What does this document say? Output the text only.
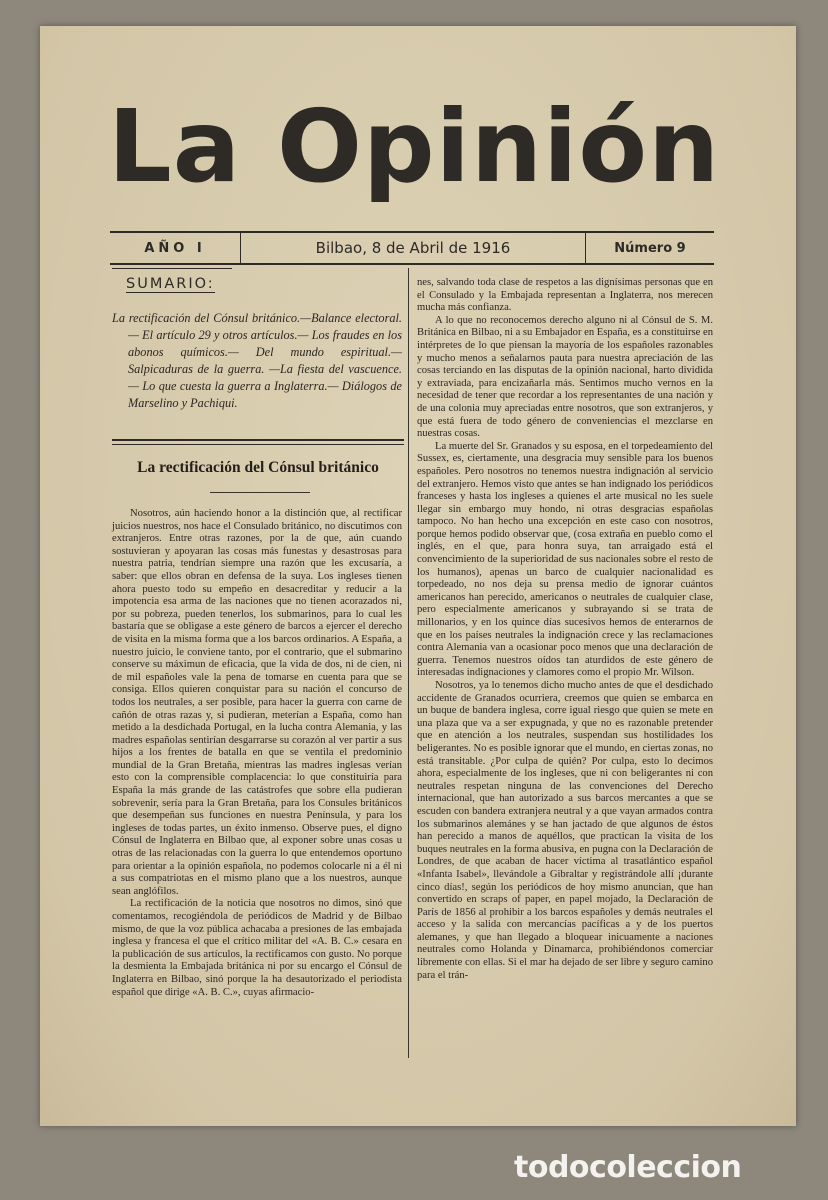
La Opinión
AÑO I	Bilbao, 8 de Abril de 1916	Número 9
SUMARIO:
La rectificación del Cónsul británico.—Balance electoral.— El artículo 29 y otros artículos.— Los fraudes en los abonos químicos.— Del mundo espiritual.—Salpicaduras de la guerra. —La fiesta del vascuence.— Lo que cuesta la guerra a Inglaterra.— Diálogos de Marselino y Pachiqui.
La rectificación del Cónsul británico

Nosotros, aún haciendo honor a la distinción que, al rectificar juicios nuestros, nos hace el Consulado británico, no discutimos con extranjeros. Entre otras razones, por la de que, aún cuando sostuvieran y apoyaran las cosas más funestas y desastrosas para nuestra patria, tendrían siempre una razón que les excusaría, a saber: que ellos obran en defensa de la suya. Los ingleses tienen ahora puesto todo su empeño en desacreditar y reducir a la impotencia esa arma de las naciones que no tienen acorazados ni, por su pobreza, pueden tenerlos, los submarinos, para lo cual les bastaría que se obligase a este género de barcos a ejercer el derecho de visita en la misma forma que a los barcos ordinarios. A España, a nuestro juicio, le conviene tanto, por el contrario, que el submarino conserve su máximun de eficacia, que la vida de dos, ni de cien, ni de mil españoles vale la pena de tomarse en cuenta para que se consiga. Ellos quieren conquistar para su nación el concurso de todos los neutrales, a ser posible, para hacer la guerra con carne de cañón de otras razas y, si pudieran, meterían a España, como han metido a la desdichada Portugal, en la lucha contra Alemania, y las madres españolas sentirían desgarrarse su corazón al ver partir a sus hijos a los frentes de batalla en que se ventila el predominio mundial de la Gran Bretaña, mientras las madres inglesas verían esto con la comprensible complacencia: lo que constituiría para España la más grande de las catástrofes que sobre ella pudieran sobrevenir, sería para la Gran Bretaña, para los Consules británicos que desempeñan sus funciones en nuestra Península, y para los ingleses de todas partes, un éxito inmenso. Observe pues, el digno Cónsul de Inglaterra en Bilbao que, al exponer sobre unas cosas u otras de las relacionadas con la guerra lo que entendemos oportuno para orientar a la opinión española, no podemos colocarle ni a él ni a sus compatriotas en el mismo plano que a los nuestros, aunque sean anglófilos.

La rectificación de la noticia que nosotros no dimos, sinó que comentamos, recogiéndola de periódicos de Madrid y de Bilbao mismo, de que la voz pública achacaba a presiones de las embajada inglesa y francesa el que el crítico militar del «A. B. C.» cesara en la publicación de sus artículos, la rectificamos con gusto. No porque la desmienta la Embajada británica ni por su encargo el Cónsul de Inglaterra en Bilbao, sinó porque la ha desautorizado el periodista español que dirige «A. B. C.», cuyas afirmacio-

nes, salvando toda clase de respetos a las dignísimas personas que en el Consulado y la Embajada representan a Inglaterra, nos merecen mucha más confianza.

A lo que no reconocemos derecho alguno ni al Cónsul de S. M. Británica en Bilbao, ni a su Embajador en España, es a constituirse en intérpretes de lo que piensan la mayoría de los españoles razonables y mucho menos a señalarnos pauta para nuestra apreciación de las cosas terciando en las disputas de la opinión nacional, harto dividida y extraviada, para encizañarla más. Sentimos mucho vernos en la necesidad de tener que recordar a los representantes de una nación y de una colonia muy apreciadas entre nosotros, que son extranjeros, y que está fuera de todo género de conveniencias el mezclarse en nuestras cosas.

La muerte del Sr. Granados y su esposa, en el torpedeamiento del Sussex, es, ciertamente, una desgracia muy sensible para los buenos españoles. Pero nosotros no tenemos nuestra indignación al servicio del extranjero. Hemos visto que antes se han indignado los periódicos franceses y hasta los ingleses a quienes el arte musical no les suele llegar sin embargo muy hondo, ni otras desgracias españolas tampoco. No han hecho una excepción en este caso con nosotros, porque hemos podido observar que, (cosa extraña en pueblo como el inglés, en el que, para honra suya, tan arraigado está el convencimiento de la superioridad de sus nacionales sobre el resto de los humanos), apenas un barco de cualquier nacionalidad es torpedeado, no nos deja su prensa medio de ignorar cuántos americanos han perecido, americanos o neutrales de cualquier clase, pero especialmente americanos y subrayando si se trata de millonarios, y en los quince días sucesivos hemos de enterarnos de que en los países neutrales la indignación crece y las reclamaciones contra Alemania van a ocasionar poco menos que una declaración de guerra. Tenemos nuestros oídos tan aturdidos de este género de interesadas indignaciones y clamores como el propio Mr. Wilson.

Nosotros, ya lo tenemos dicho mucho antes de que el desdichado accidente de Granados ocurriera, creemos que quien se embarca en un buque de bandera inglesa, corre igual riesgo que quien se mete en una plaza que va a ser expugnada, y que no es razonable pretender que en atención a los neutrales, suspendan sus hostilidades los beligerantes. No es posible ignorar que el mundo, en ciertas zonas, no está transitable. ¿Por culpa de quién? Por culpa, esto lo decimos ahora, especialmente de los ingleses, que ni con beligerantes ni con neutrales respetan ninguna de las convenciones del Derecho internacional, que han autorizado a sus barcos mercantes a que se escuden con bandera extranjera neutral y a que vayan armados contra los submarinos alemánes y se han jactado de que algunos de éstos han perecido a manos de aquéllos, que practican la visita de los buques neutrales en la forma abusiva, en pugna con la Declaración de Londres, de que acaban de hacer víctima al trasatlántico español «Infanta Isabel», llevándole a Gibraltar y registrándole allí ¡durante cinco días!, según los periódicos de hoy mismo anuncian, que han convertido en scraps of paper, en papel mojado, la Declaración de París de 1856 al prohibir a los barcos españoles y demás neutrales el acceso y la salida con mercancías pacíficas a y de los puertos alemanes, y que han llegado a bloquear inicuamente a naciones neutrales como Holanda y Dinamarca, prohibiéndonos comerciar libremente con ellas. Si el mar ha dejado de ser libre y seguro camino para el trán-

todocoleccion
